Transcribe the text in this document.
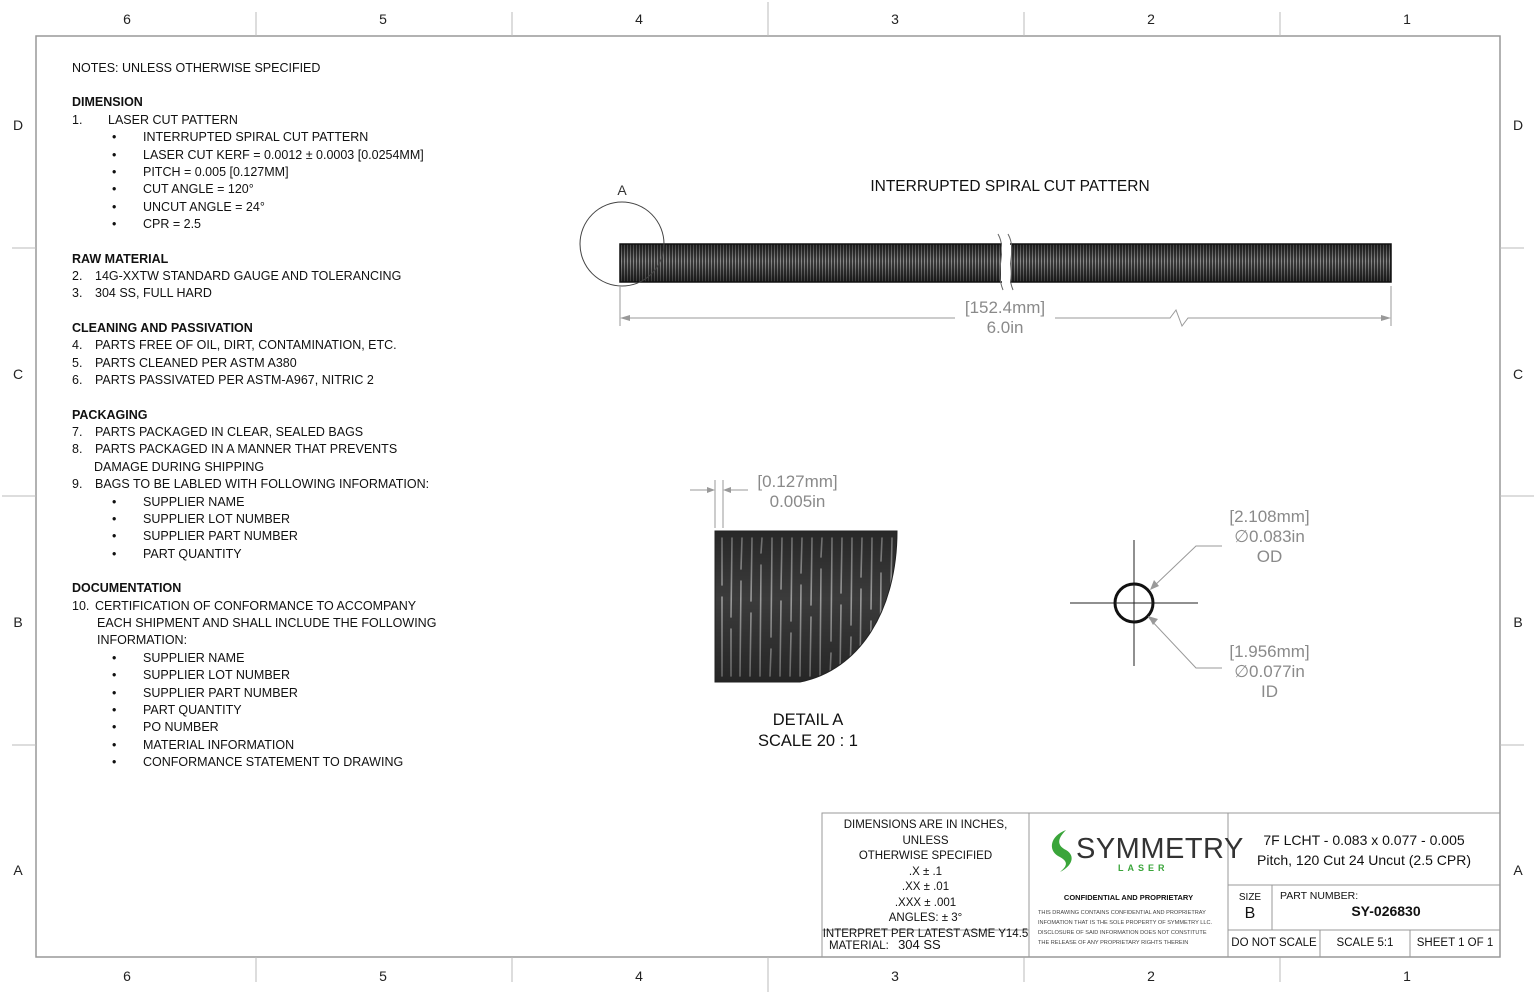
6	5	4	3	2	1
6	5	4	3	2	1
D
C
B
A
D
C
B
A
NOTES: UNLESS OTHERWISE SPECIFIED
DIMENSION
1. LASER CUT PATTERN
• INTERRUPTED SPIRAL CUT PATTERN
• LASER CUT KERF = 0.0012 ± 0.0003 [0.0254MM]
• PITCH = 0.005 [0.127MM]
• CUT ANGLE = 120°
• UNCUT ANGLE = 24°
• CPR = 2.5
RAW MATERIAL
2. 14G-XXTW STANDARD GAUGE AND TOLERANCING
3. 304 SS, FULL HARD
CLEANING AND PASSIVATION
4. PARTS FREE OF OIL, DIRT, CONTAMINATION, ETC.
5. PARTS CLEANED PER ASTM A380
6. PARTS PASSIVATED PER ASTM-A967, NITRIC 2
PACKAGING
7. PARTS PACKAGED IN CLEAR, SEALED BAGS
8. PARTS PACKAGED IN A MANNER THAT PREVENTS
DAMAGE DURING SHIPPING
9. BAGS TO BE LABLED WITH FOLLOWING INFORMATION:
• SUPPLIER NAME
• SUPPLIER LOT NUMBER
• SUPPLIER PART NUMBER
• PART QUANTITY
DOCUMENTATION
10. CERTIFICATION OF CONFORMANCE TO ACCOMPANY
EACH SHIPMENT AND SHALL INCLUDE THE FOLLOWING
INFORMATION:
• SUPPLIER NAME
• SUPPLIER LOT NUMBER
• SUPPLIER PART NUMBER
• PART QUANTITY
• PO NUMBER
• MATERIAL INFORMATION
• CONFORMANCE STATEMENT TO DRAWING
INTERRUPTED SPIRAL CUT PATTERN
A
[152.4mm]
6.0in
[0.127mm]
0.005in
DETAIL A
SCALE 20 : 1
[2.108mm]
∅0.083in
OD
[1.956mm]
∅0.077in
ID
DIMENSIONS ARE IN INCHES, UNLESS
OTHERWISE SPECIFIED
.X ± .1
.XX ± .01
.XXX ± .001
ANGLES: ± 3°
INTERPRET PER LATEST ASME Y14.5
MATERIAL: 304 SS
SYMMETRY
LASER
CONFIDENTIAL AND PROPRIETARY
THIS DRAWING CONTAINS CONFIDENTIAL AND PROPRIETRAY
INFOMATION THAT IS THE SOLE PROPERTY OF SYMMETRY LLC.
DISCLOSURE OF SAID INFORMATION DOES NOT CONSTITUTE
THE RELEASE OF ANY PROPRIETARY RIGHTS THEREIN
7F LCHT - 0.083 x 0.077 - 0.005
Pitch, 120 Cut 24 Uncut (2.5 CPR)
SIZE
B
PART NUMBER:
SY-026830
DO NOT SCALE	SCALE 5:1	SHEET 1 OF 1
